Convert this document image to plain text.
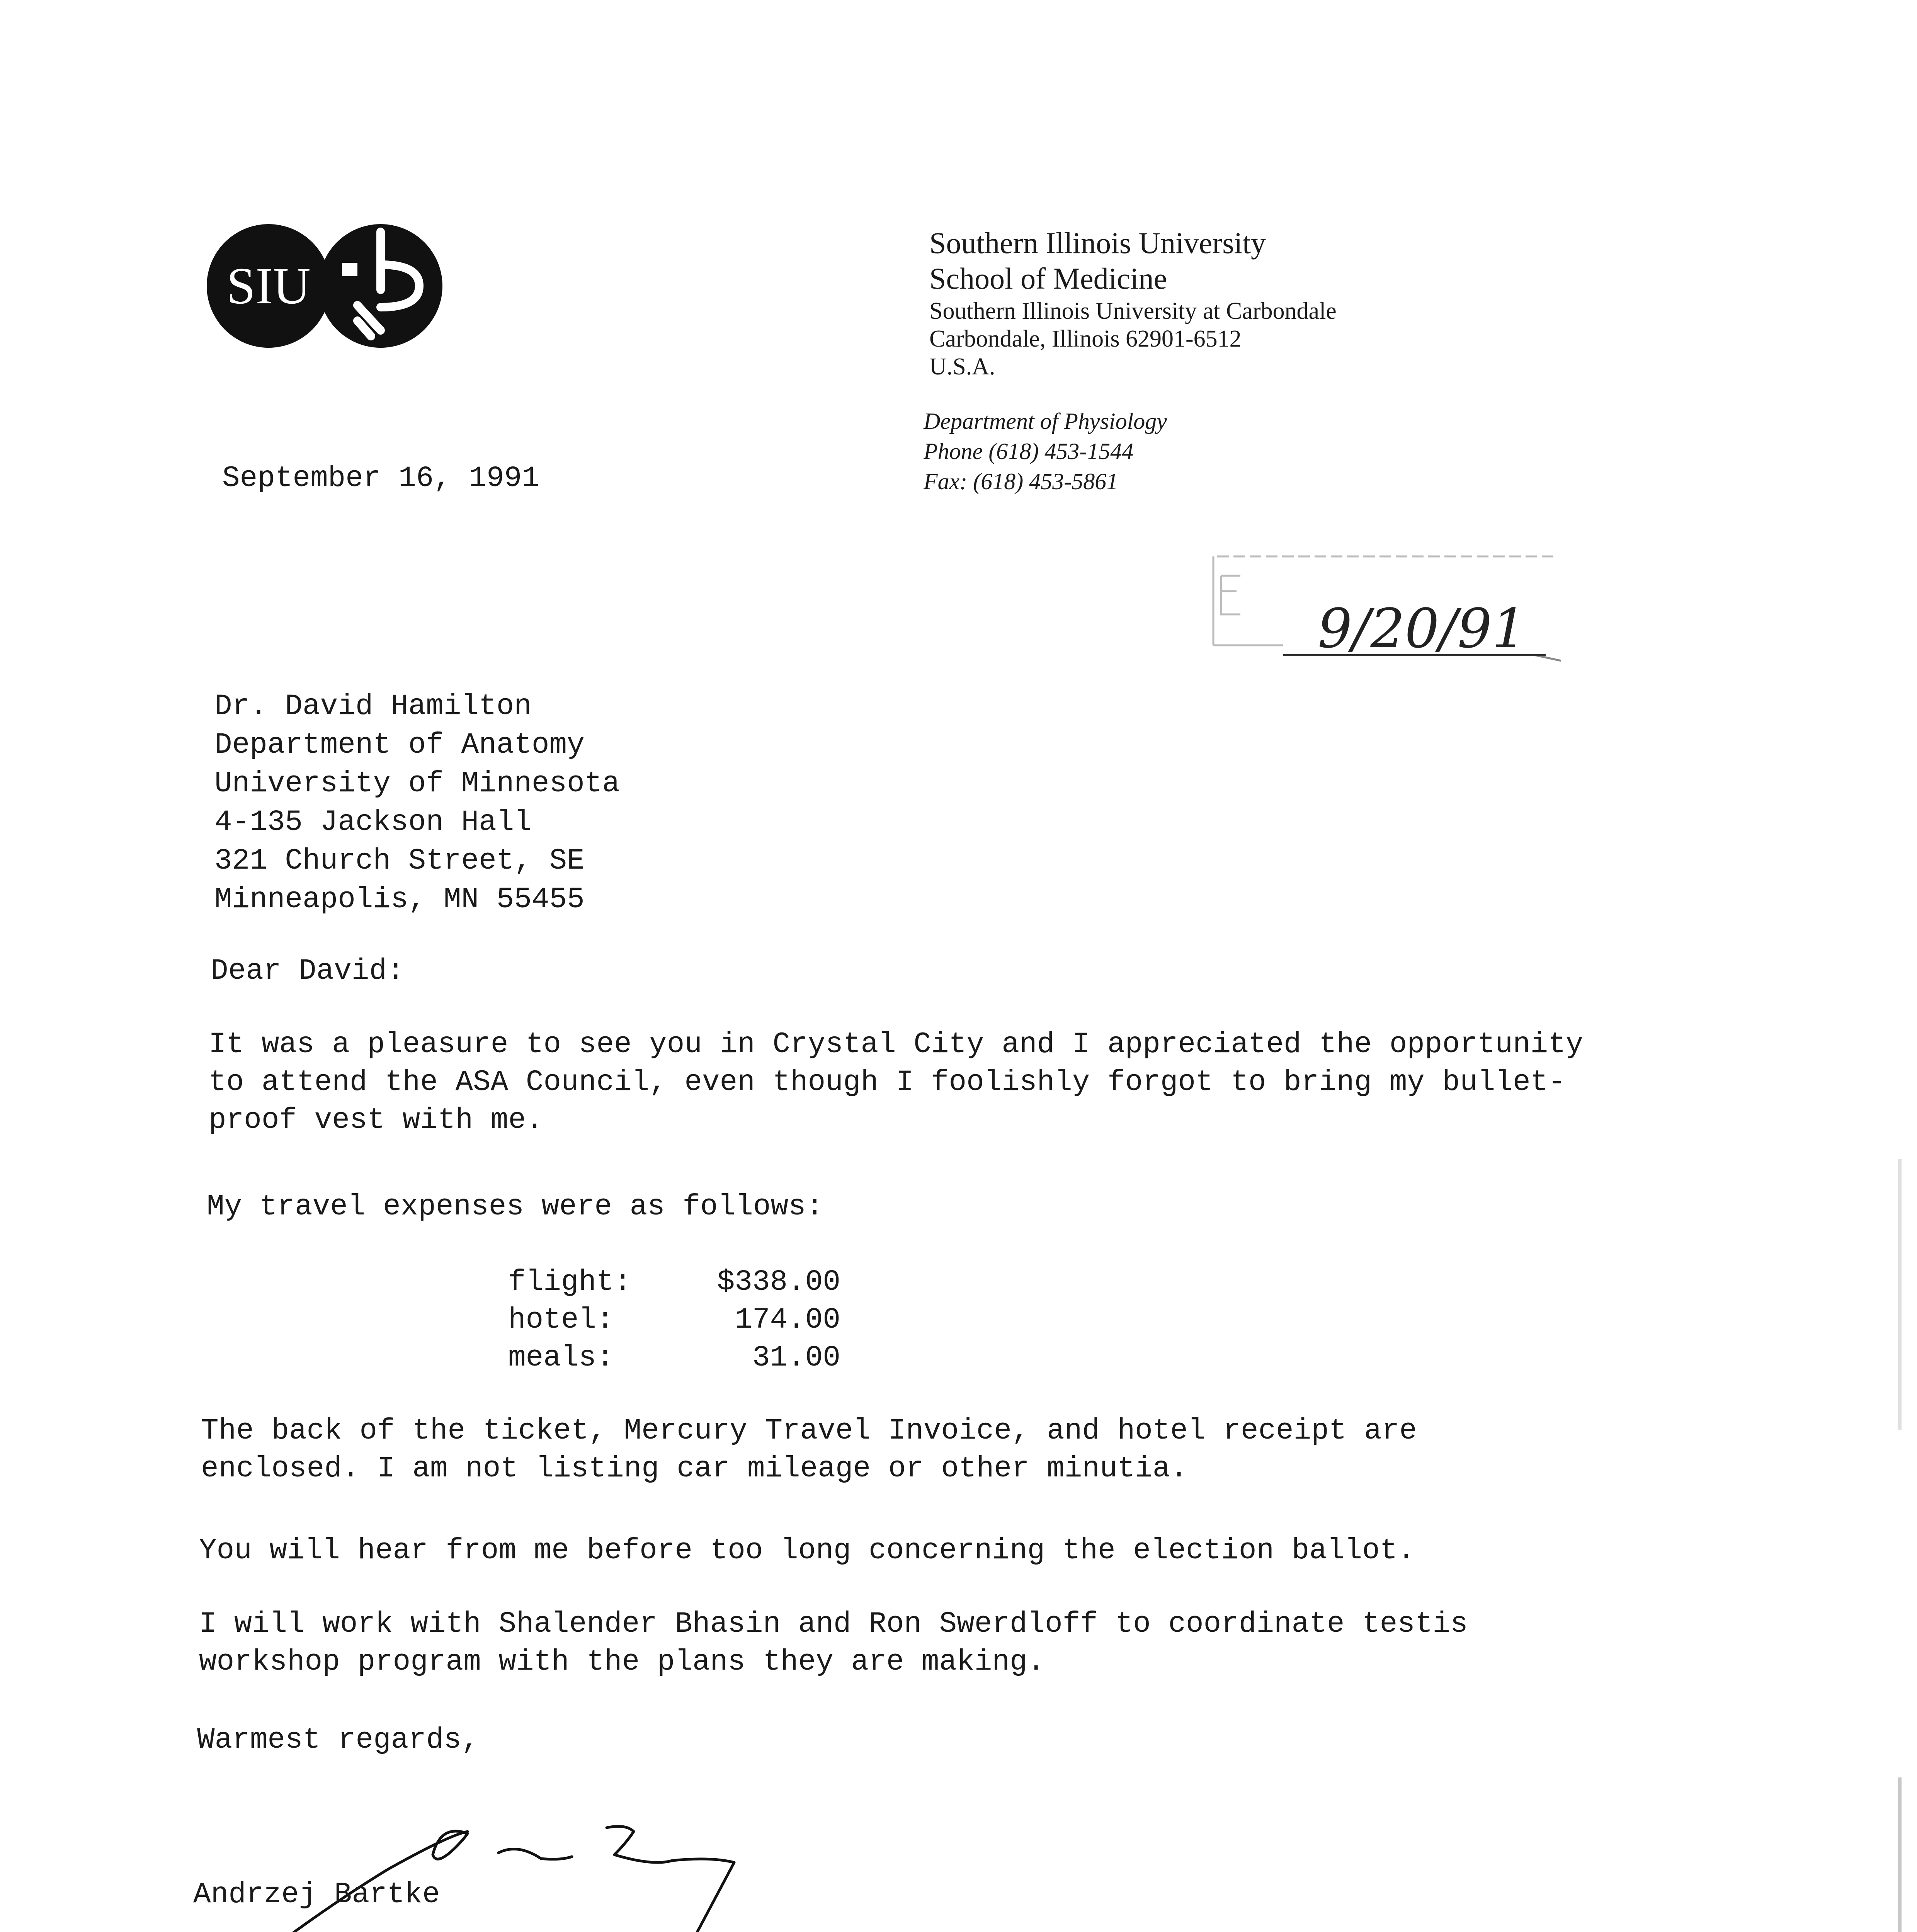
SIU
Southern Illinois University
School of Medicine
Southern Illinois University at Carbondale
Carbondale, Illinois 62901-6512
U.S.A.
Department of Physiology
Phone (618) 453-1544
Fax: (618) 453-5861
September 16, 1991
9/20/91
Dr. David Hamilton
Department of Anatomy
University of Minnesota
4-135 Jackson Hall
321 Church Street, SE
Minneapolis, MN 55455
Dear David:
It was a pleasure to see you in Crystal City and I appreciated the opportunity
to attend the ASA Council, even though I foolishly forgot to bring my bullet-
proof vest with me.
My travel expenses were as follows:
flight:	$338.00
hotel:	174.00
meals:	31.00
The back of the ticket, Mercury Travel Invoice, and hotel receipt are
enclosed. I am not listing car mileage or other minutia.
You will hear from me before too long concerning the election ballot.
I will work with Shalender Bhasin and Ron Swerdloff to coordinate testis
workshop program with the plans they are making.
Warmest regards,
Andrzej Bartke
